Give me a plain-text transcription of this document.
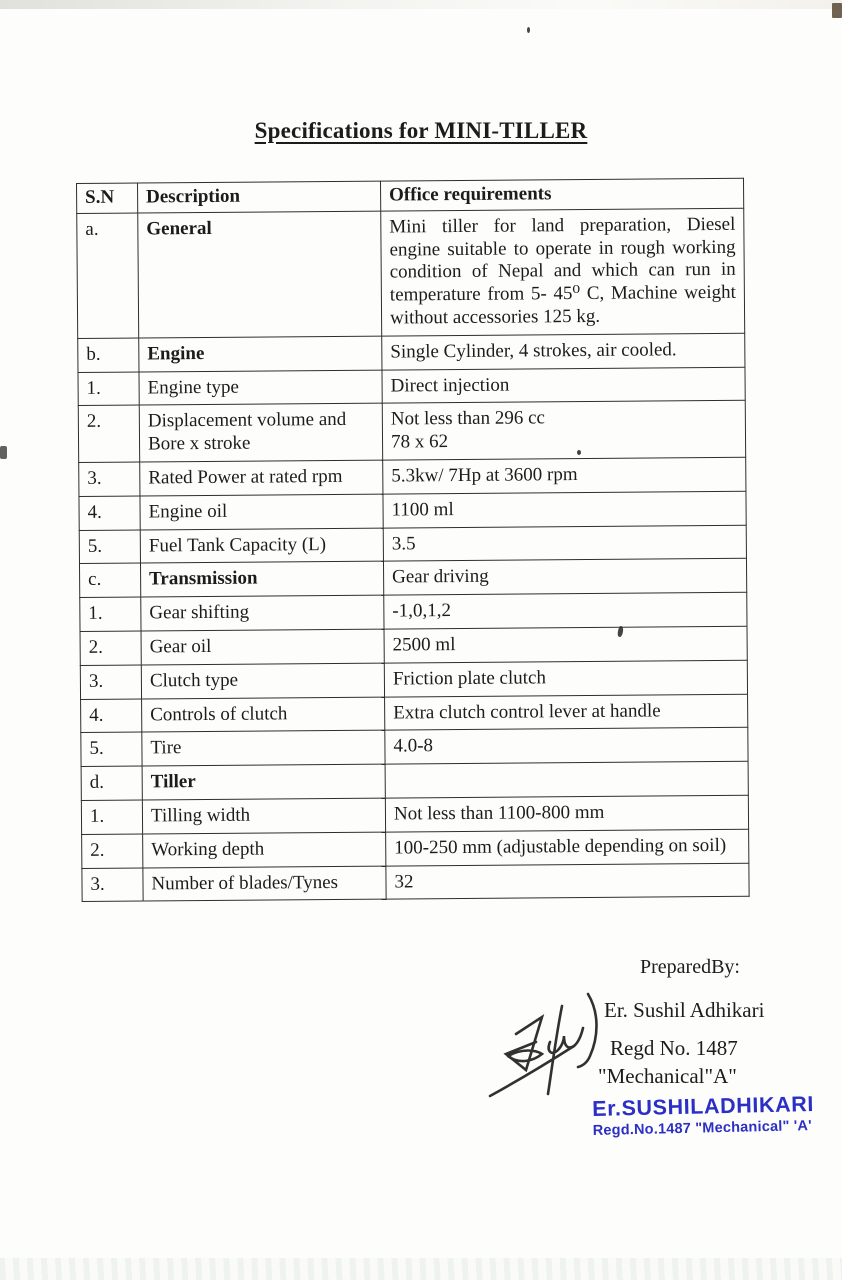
Specifications for MINI-TILLER
S.N	Description	Office requirements
a.	General	Mini tiller for land preparation, Diesel engine suitable to operate in rough working condition of Nepal and which can run in temperature from 5- 45⁰ C, Machine weight without accessories 125 kg.
b.	Engine	Single Cylinder, 4 strokes, air cooled.
1.	Engine type	Direct injection
2.	Displacement volume and Bore x stroke	Not less than 296 cc
78 x 62
3.	Rated Power at rated rpm	5.3kw/ 7Hp at 3600 rpm
4.	Engine oil	1100 ml
5.	Fuel Tank Capacity (L)	3.5
c.	Transmission	Gear driving
1.	Gear shifting	-1,0,1,2
2.	Gear oil	2500 ml
3.	Clutch type	Friction plate clutch
4.	Controls of clutch	Extra clutch control lever at handle
5.	Tire	4.0-8
d.	Tiller	
1.	Tilling width	Not less than 1100-800 mm
2.	Working depth	100-250 mm (adjustable depending on soil)
3.	Number of blades/Tynes	32
PreparedBy:
Er. Sushil Adhikari
Regd No. 1487
"Mechanical"A"
Er.SUSHILADHIKARI
Regd.No.1487 "Mechanical" 'A'
